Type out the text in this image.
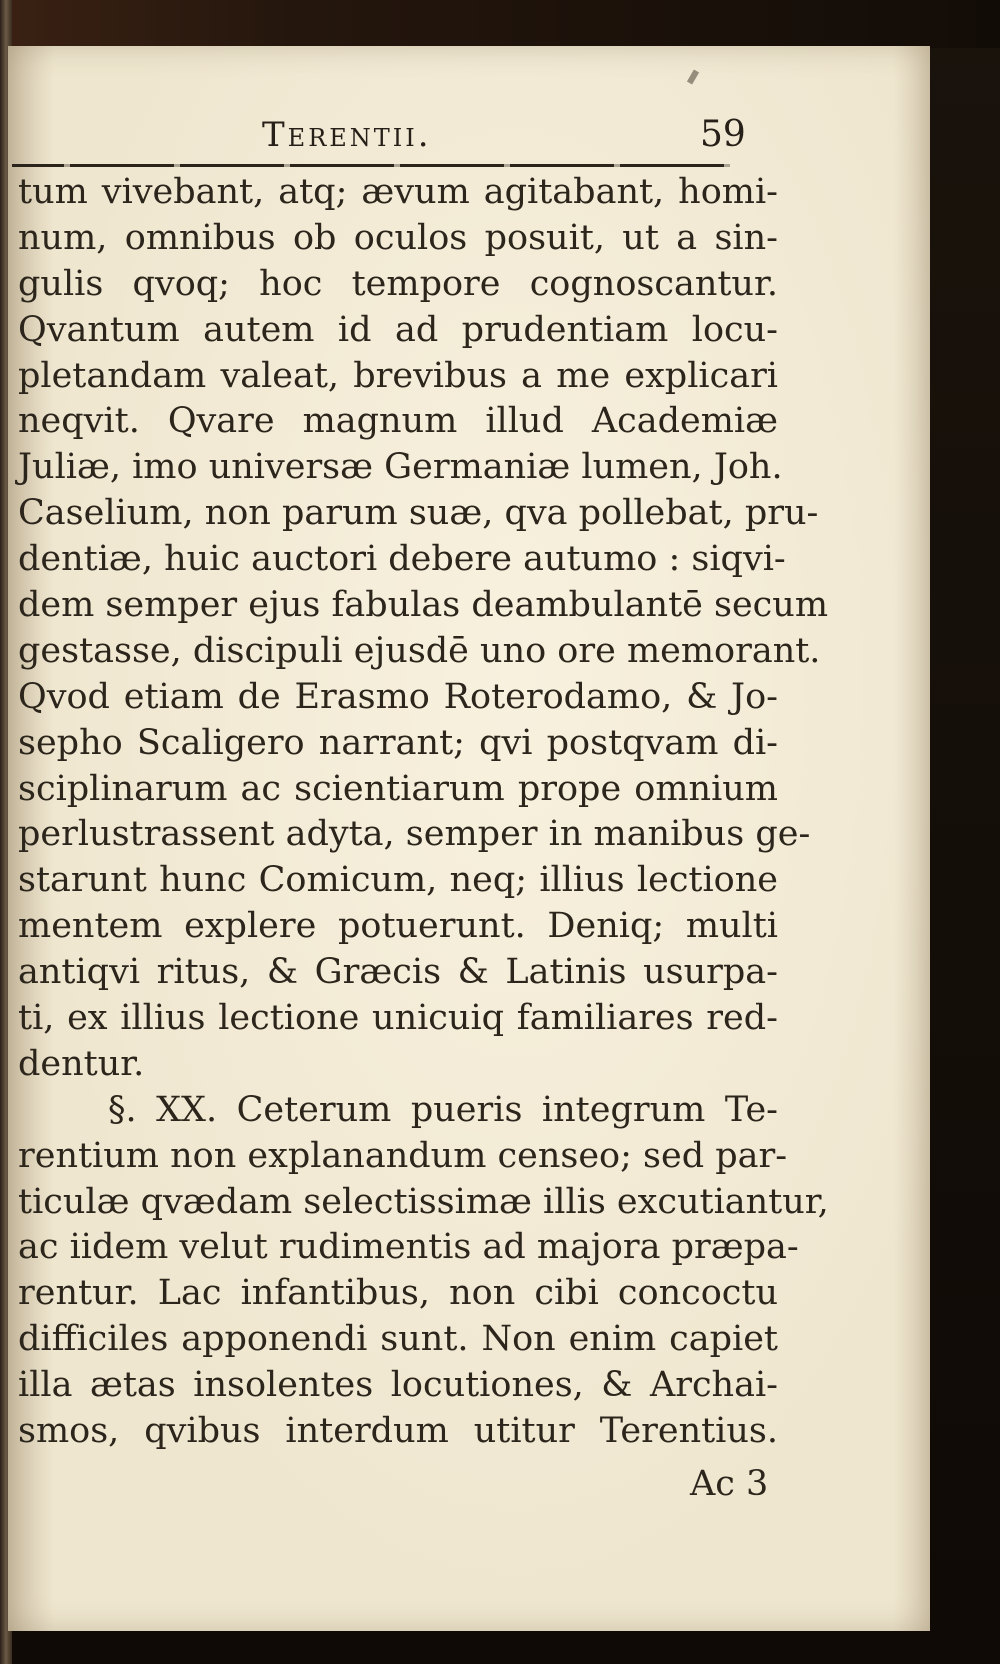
Terentii.	59
tum vivebant, atq; ævum agitabant, homi-
num, omnibus ob oculos posuit, ut a sin-
gulis qvoq; hoc tempore cognoscantur.
Qvantum autem id ad prudentiam locu-
pletandam valeat, brevibus a me explicari
neqvit. Qvare magnum illud Academiæ
Juliæ, imo universæ Germaniæ lumen, Joh.
Caselium, non parum suæ, qva pollebat, pru-
dentiæ, huic auctori debere autumo : siqvi-
dem semper ejus fabulas deambulantē secum
gestasse, discipuli ejusdē uno ore memorant.
Qvod etiam de Erasmo Roterodamo, & Jo-
sepho Scaligero narrant; qvi postqvam di-
sciplinarum ac scientiarum prope omnium
perlustrassent adyta, semper in manibus ge-
starunt hunc Comicum, neq; illius lectione
mentem explere potuerunt. Deniq; multi
antiqvi ritus, & Græcis & Latinis usurpa-
ti, ex illius lectione unicuiq familiares red-
dentur.
§. XX. Ceterum pueris integrum Te-
rentium non explanandum censeo; sed par-
ticulæ qvædam selectissimæ illis excutiantur,
ac iidem velut rudimentis ad majora præpa-
rentur. Lac infantibus, non cibi concoctu
difficiles apponendi sunt. Non enim capiet
illa ætas insolentes locutiones, & Archai-
smos, qvibus interdum utitur Terentius.
Ac 3
